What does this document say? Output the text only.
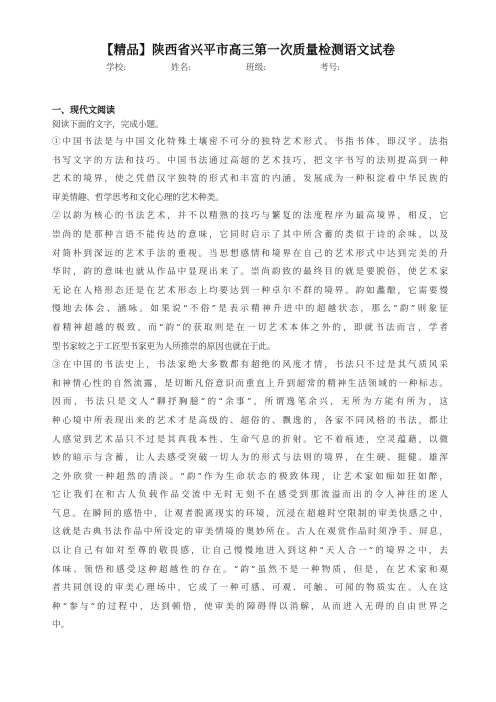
【精品】陕西省兴平市高三第一次质量检测语文试卷
学校:	姓名:	班级:	考号:
一、现代文阅读
阅读下面的文字，完成小题。
①中国书法是与中国文化特殊土壤密不可分的独特艺术形式。书指书体，即汉字。法指
书写文字的方法和技巧。中国书法通过高超的艺术技巧，把文字书写的法则提高到一种
艺术的境界，使之凭借汉字独特的形式和丰富的内涵，发展成为一种积淀着中华民族的
审美情趣、哲学思考和文化心理的艺术种类。
②以韵为核心的书法艺术，并不以精熟的技巧与繁复的法度程序为最高境界，相反，它
崇尚的是那种言语不能传达的意味，它同时启示了其中所含蓄的类似于诗的余味，以及
对简朴到深远的艺术手法的重视。当思想感情和境界在自己的艺术形式中达到完美的升
华时，韵的意味也就从作品中显现出来了。崇尚韵致的最终目的就是要脱俗，使艺术家
无论在人格形态还是在艺术形态上均要达到一种卓尔不群的境界。韵如蠡酿，它需要慢
慢地去体会、涵咏。如果说“不俗”是表示精神升进中的超越状态，那么“韵”则象征
着精神超越的极致，而“韵”的获取则是在一切艺术本体之外的，即就书法而言，学者
型书家较之于工匠型书家更为人所推崇的原因也就在于此。
③在中国的书法史上，书法家绝大多数都有超绝的风度才情，书法只不过是其气质风采
和神情心性的自然流露，是切断凡俗意识而重直上升到超常的精神生活领域的一种标志。
因而，书法只是文人“聊抒胸臆”的“余事”，所谓逸笔余兴，无所为方能有所为，这
种心境中所表现出来的艺术才是高级的、超俗的、飘逸的，各家不同风格的书法，都让
人感觉到艺术品只不过是其真我本性、生命气息的折射。它不着痕迹，空灵蕴藉，以微
妙的暗示与含蓄，让人去感受突破一切人为的形式与法则的境界，在生硬、挺健、雄浑
之外欣赏一种超然的清淡。“韵”作为生命状态的极致体现，让艺术家如痴如狂如醉，
它让我们在和古人负载作品交流中无时无刻不在感受到那流溢而出的令人神往的迷人
气息。在瞬间的感悟中，让观者脱离现实的环境，沉浸在超越时空限制的审美快感之中，
这就是古典书法作品中所设定的审美情境的奥妙所在。古人在观赏作品时须净手、屏息，
以让自己有如对至尊的敬畏感，让自己慢慢地进入到这种“天人合一”的境界之中，去
体味、领悟和感受这种超越性的存在。“韵”虽然不是一种物质，但是，在艺术家和观
者共同创设的审美心理场中，它成了一种可感、可观、可触、可闻的物质实在。人在这
种“参与”的过程中，达到顿悟，使审美的障碍得以消解，从而进入无碍的自由世界之
中。
